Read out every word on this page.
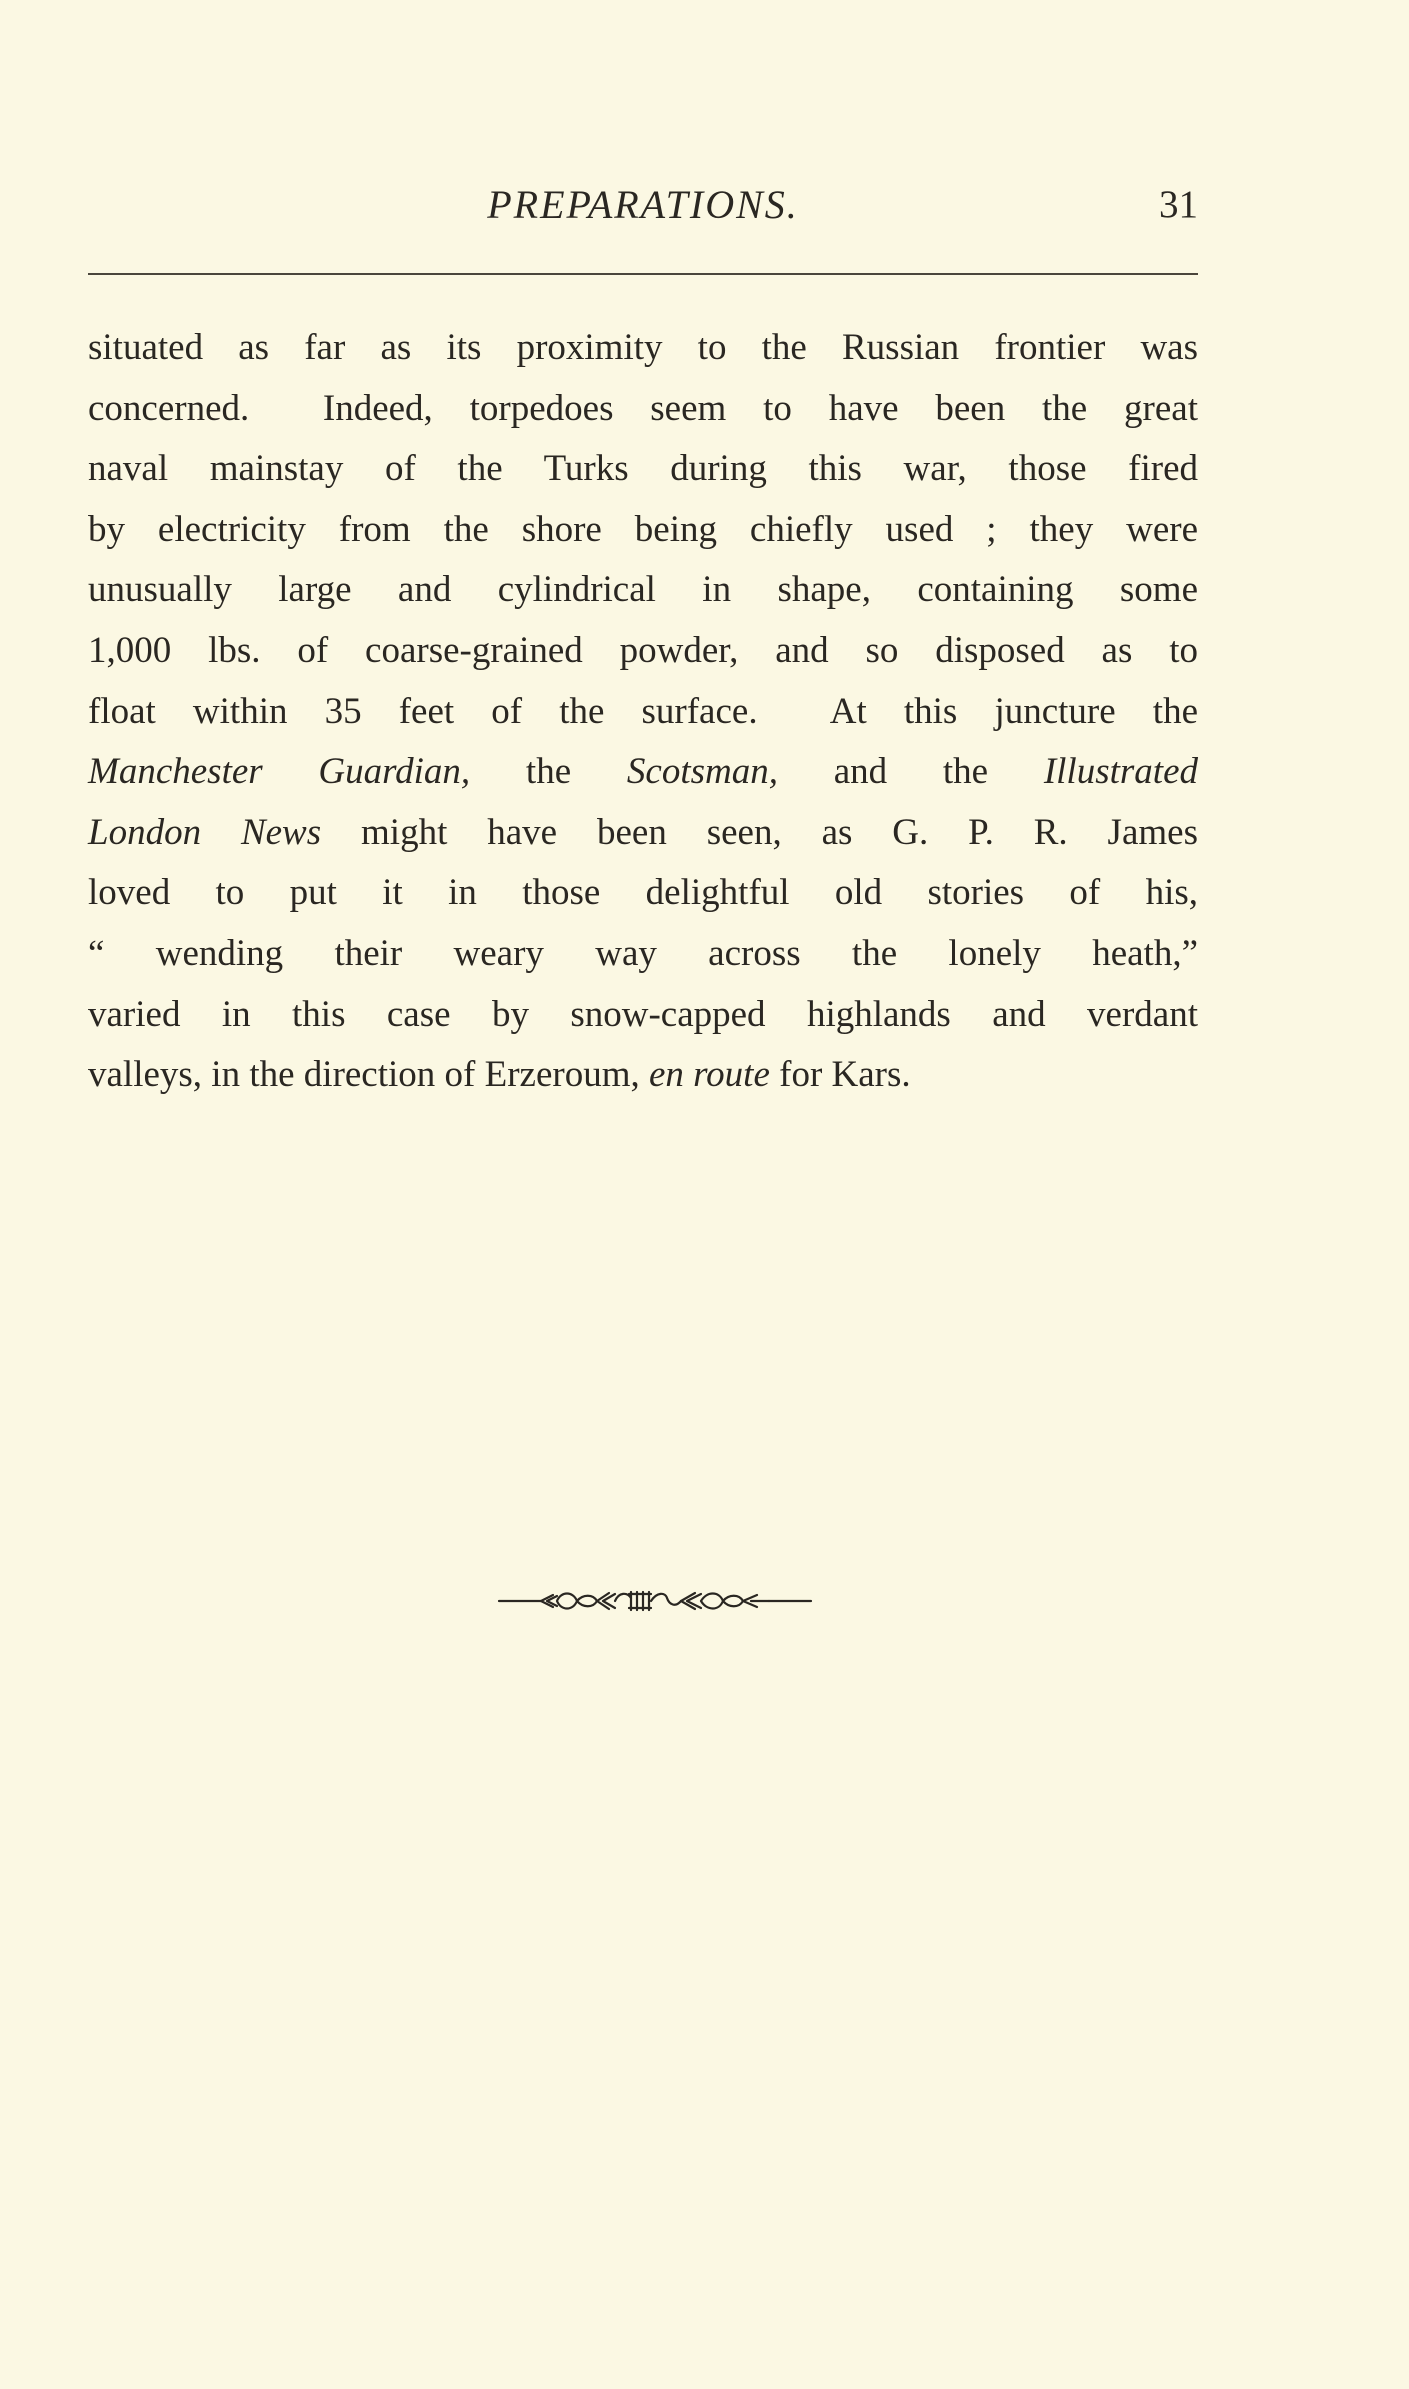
PREPARATIONS.	31
situated as far as its proximity to the Russian frontier was
concerned.  Indeed, torpedoes seem to have been the great
naval mainstay of the Turks during this war, those fired
by electricity from the shore being chiefly used ; they were
unusually large and cylindrical in shape, containing some
1,000 lbs. of coarse-grained powder, and so disposed as to
float within 35 feet of the surface.  At this juncture the
Manchester Guardian, the Scotsman, and the Illustrated
London News might have been seen, as G. P. R. James
loved to put it in those delightful old stories of his,
“ wending their weary way across the lonely heath,”
varied in this case by snow-capped highlands and verdant
valleys, in the direction of Erzeroum, en route for Kars.
